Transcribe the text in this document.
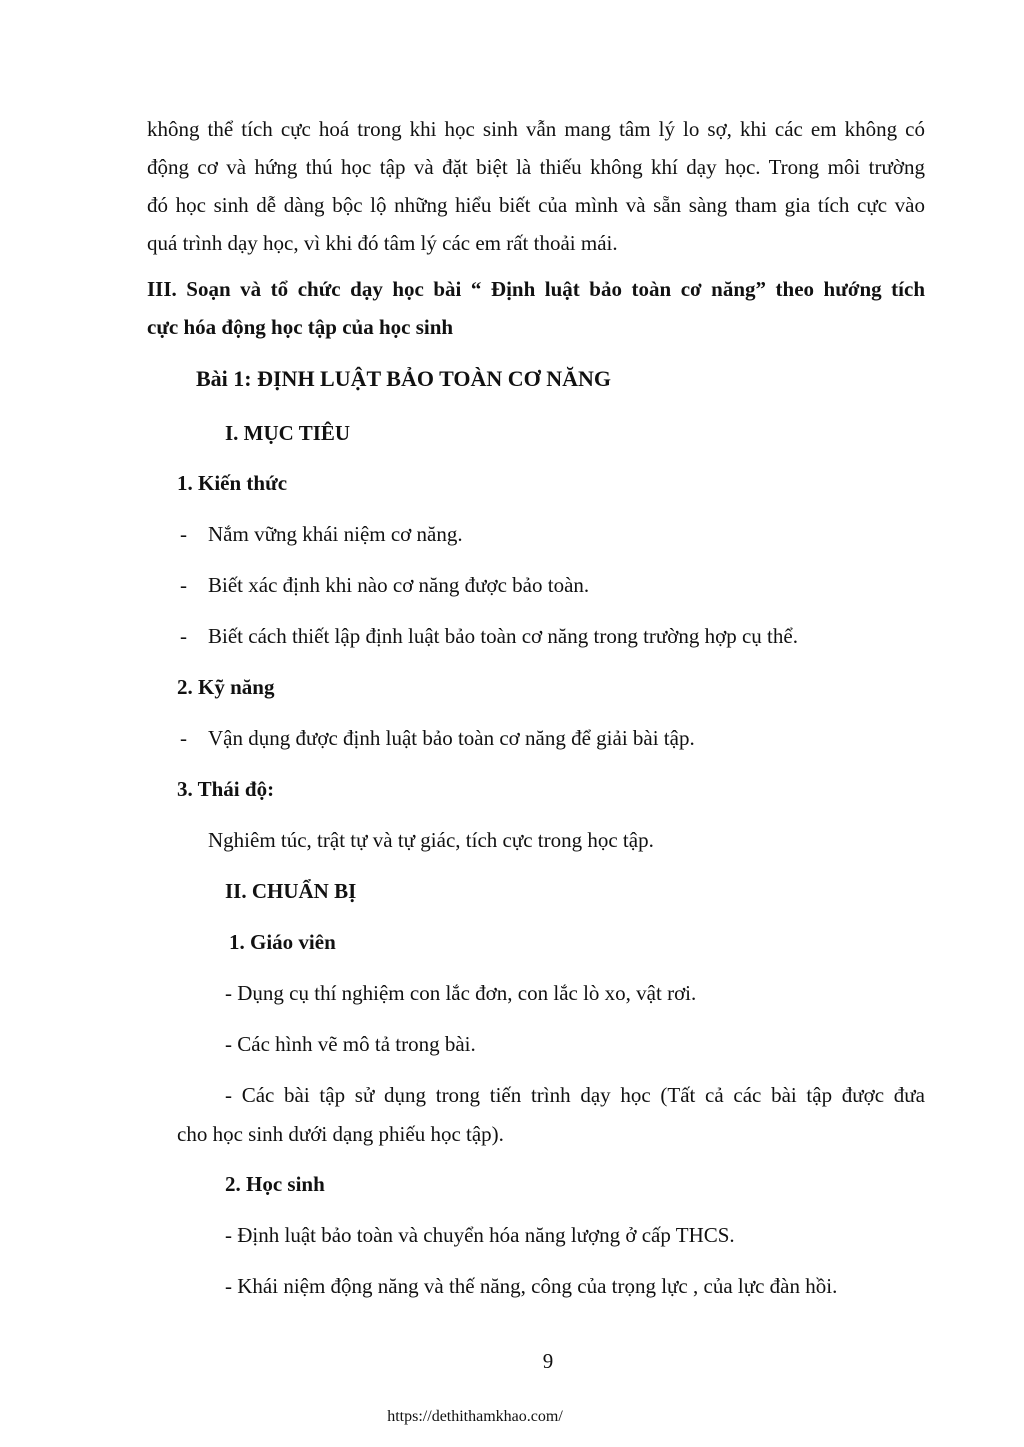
không thể tích cực hoá trong khi học sinh vẫn mang tâm lý lo sợ, khi các em không có
động cơ và hứng thú học tập và đặt biệt là thiếu không khí dạy học. Trong môi trường
đó học sinh dễ dàng bộc lộ những hiểu biết của mình và sẵn sàng tham gia tích cực vào
quá trình dạy học, vì khi đó tâm lý các em rất thoải mái.
III. Soạn và tổ chức dạy học bài “ Định luật bảo toàn cơ năng” theo hướng tích
cực hóa động học tập của học sinh
Bài 1: ĐỊNH LUẬT BẢO TOÀN CƠ NĂNG
I. MỤC TIÊU
1. Kiến thức
- Nắm vững khái niệm cơ năng.
- Biết xác định khi nào cơ năng được bảo toàn.
- Biết cách thiết lập định luật bảo toàn cơ năng trong trường hợp cụ thể.
2. Kỹ năng
- Vận dụng được định luật bảo toàn cơ năng để giải bài tập.
3. Thái độ:
Nghiêm túc, trật tự và tự giác, tích cực trong học tập.
II. CHUẨN BỊ
1. Giáo viên
- Dụng cụ thí nghiệm con lắc đơn, con lắc lò xo, vật rơi.
- Các hình vẽ mô tả trong bài.
- Các bài tập sử dụng trong tiến trình dạy học (Tất cả các bài tập được đưa
cho học sinh dưới dạng phiếu học tập).
2. Học sinh
- Định luật bảo toàn và chuyển hóa năng lượng ở cấp THCS.
- Khái niệm động năng và thế năng, công của trọng lực , của lực đàn hồi.
9
https://dethithamkhao.com/
